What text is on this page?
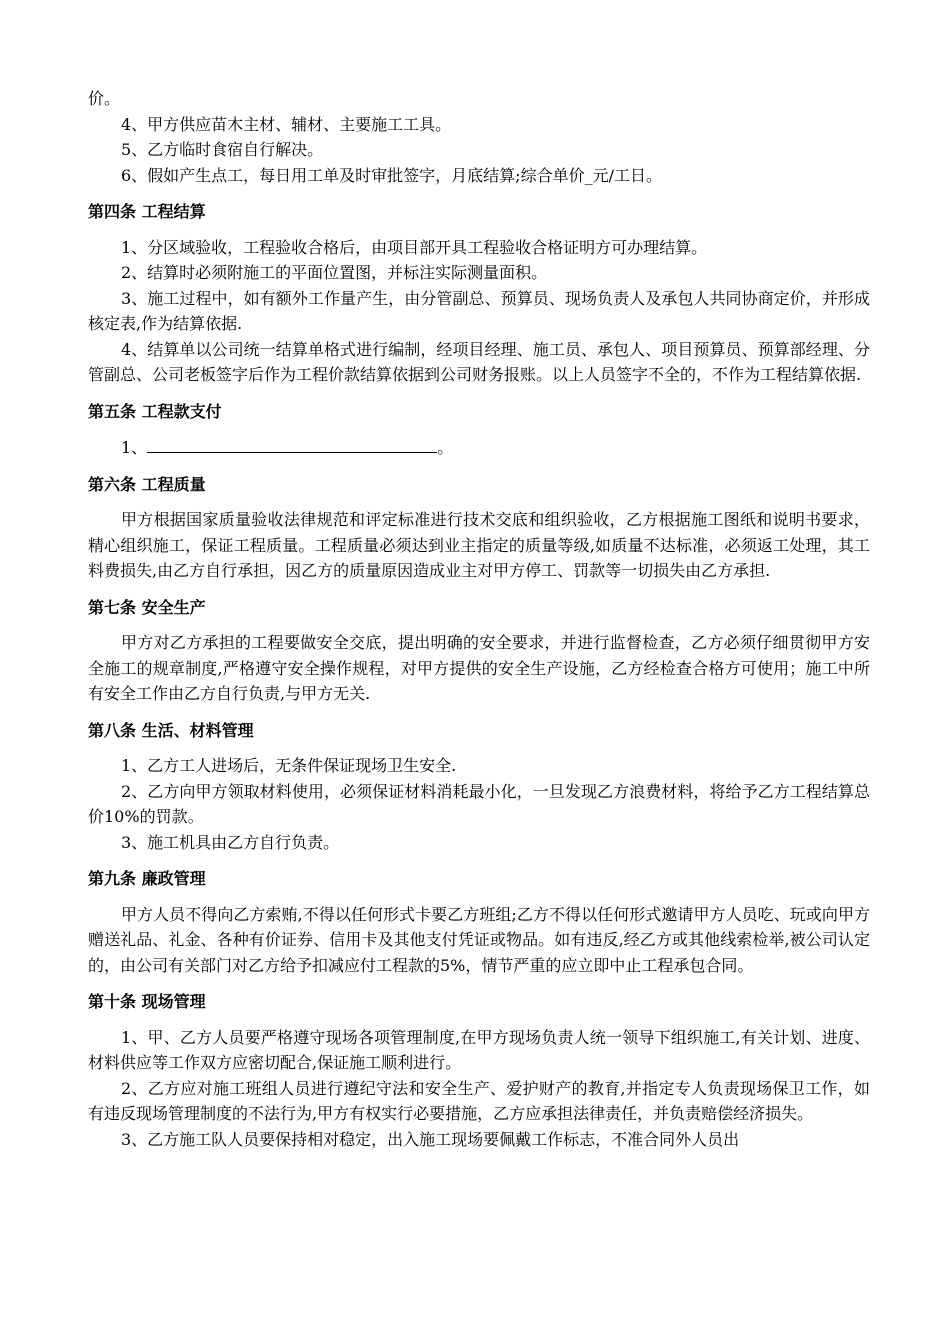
价。

4、甲方供应苗木主材、辅材、主要施工工具。

5、乙方临时食宿自行解决。

6、假如产生点工，每日用工单及时审批签字，月底结算;综合单价_元/工日。

第四条 工程结算

1、分区域验收，工程验收合格后，由项目部开具工程验收合格证明方可办理结算。

2、结算时必须附施工的平面位置图，并标注实际测量面积。

3、施工过程中，如有额外工作量产生，由分管副总、预算员、现场负责人及承包人共同协商定价，并形成核定表,作为结算依据.

4、结算单以公司统一结算单格式进行编制，经项目经理、施工员、承包人、项目预算员、预算部经理、分管副总、公司老板签字后作为工程价款结算依据到公司财务报账。以上人员签字不全的，不作为工程结算依据.

第五条 工程款支付

1、	。

第六条 工程质量

甲方根据国家质量验收法律规范和评定标准进行技术交底和组织验收，乙方根据施工图纸和说明书要求，精心组织施工，保证工程质量。工程质量必须达到业主指定的质量等级,如质量不达标准，必须返工处理，其工料费损失,由乙方自行承担，因乙方的质量原因造成业主对甲方停工、罚款等一切损失由乙方承担.

第七条 安全生产

甲方对乙方承担的工程要做安全交底，提出明确的安全要求，并进行监督检查，乙方必须仔细贯彻甲方安全施工的规章制度,严格遵守安全操作规程，对甲方提供的安全生产设施，乙方经检查合格方可使用；施工中所有安全工作由乙方自行负责,与甲方无关.

第八条 生活、材料管理

1、乙方工人进场后，无条件保证现场卫生安全.

2、乙方向甲方领取材料使用，必须保证材料消耗最小化，一旦发现乙方浪费材料，将给予乙方工程结算总价10%的罚款。

3、施工机具由乙方自行负责。

第九条 廉政管理

甲方人员不得向乙方索贿,不得以任何形式卡要乙方班组;乙方不得以任何形式邀请甲方人员吃、玩或向甲方赠送礼品、礼金、各种有价证券、信用卡及其他支付凭证或物品。如有违反,经乙方或其他线索检举,被公司认定的，由公司有关部门对乙方给予扣减应付工程款的5%，情节严重的应立即中止工程承包合同。

第十条 现场管理

1、甲、乙方人员要严格遵守现场各项管理制度,在甲方现场负责人统一领导下组织施工,有关计划、进度、材料供应等工作双方应密切配合,保证施工顺利进行。

2、乙方应对施工班组人员进行遵纪守法和安全生产、爱护财产的教育,并指定专人负责现场保卫工作，如有违反现场管理制度的不法行为,甲方有权实行必要措施，乙方应承担法律责任，并负责赔偿经济损失。

3、乙方施工队人员要保持相对稳定，出入施工现场要佩戴工作标志，不准合同外人员出
